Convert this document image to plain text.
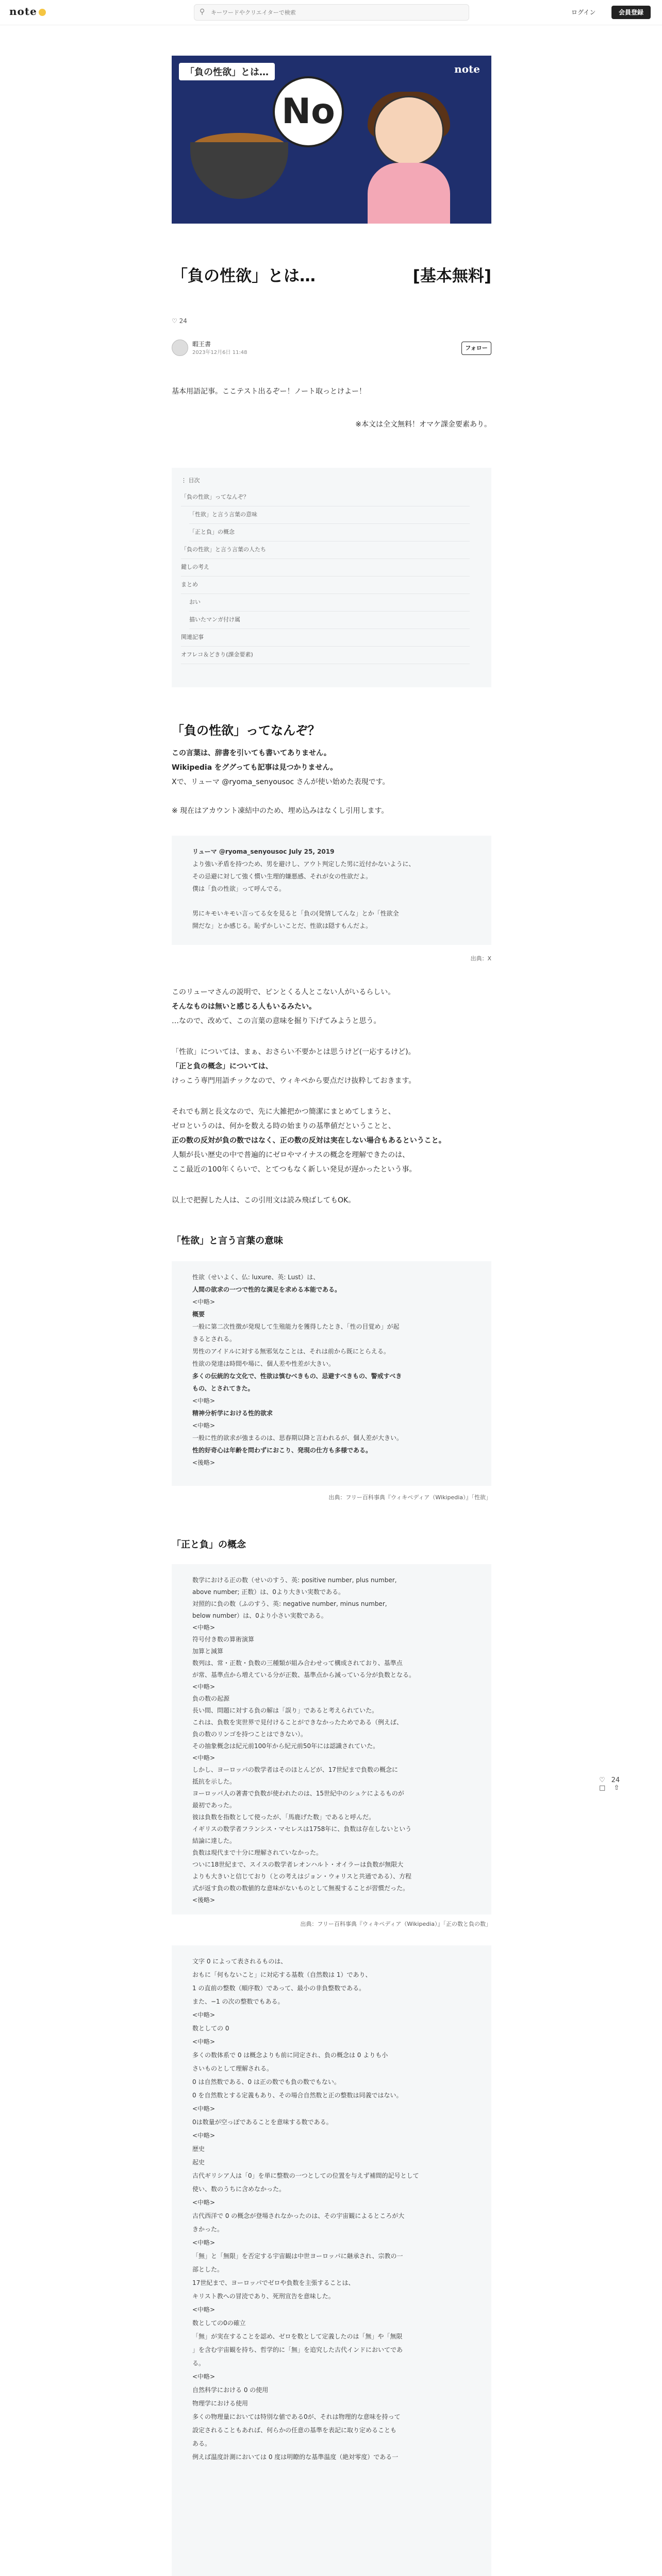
note	⚲
キーワードやクリエイターで検索	ログイン	会員登録
「負の性欲」とは…	note
No
「負の性欲」とは…	[基本無料]
♡ 24
暇王書
2023年12月6日 11:48
フォロー
基本用語記事。ここテスト出るぞー！ノート取っとけよー！
※本文は全文無料！オマケ課金要素あり。
⋮ 目次
「負の性欲」ってなんぞ？
「性欲」と言う言葉の意味
「正と負」の概念
「負の性欲」と言う言葉の人たち
鍵しの考え
まとめ
おい
描いたマンガ付け属
関連記事
オフレコ＆どきり(課金要素)
「負の性欲」ってなんぞ？
この言葉は、辞書を引いても書いてありません。
Wikipedia をググっても記事は見つかりません。
Xで、リューマ @ryoma_senyousoc さんが使い始めた表現です。
※ 現在はアカウント凍結中のため、埋め込みはなくし引用します。
リューマ @ryoma_senyousoc July 25, 2019
より強い矛盾を持つため、男を避けし、アウト判定した男に近付かないように、
その忌避に対して強く慣い生理的嫌悪感、それが女の性欲だよ。
僕は「負の性欲」って呼んでる。
男にキモいキモい言ってる女を見ると「負の(発情してんな」とか「性欲全
開だな」とか感じる。恥ずかしいことだ、性欲は隠すもんだよ。
出典：X
このリューマさんの説明で、ピンとくる人とこない人がいるらしい。
そんなものは無いと感じる人もいるみたい。
…なので、改めて、この言葉の意味を掘り下げてみようと思う。
「性欲」については、まぁ、おさらい不要かとは思うけど(一応するけど)。
「正と負の概念」については、
けっこう専門用語チックなので、ウィキペから要点だけ抜粋しておきます。
それでも割と長文なので、先に大雑把かつ簡潔にまとめてしまうと、
ゼロというのは、何かを数える時の始まりの基準値だということと、
正の数の反対が負の数ではなく、正の数の反対は実在しない場合もあるということ。
人類が長い歴史の中で普遍的にゼロやマイナスの概念を理解できたのは、
ここ最近の100年くらいで、とてつもなく新しい発見が遅かったという事。
以上で把握した人は、この引用文は読み飛ばしてもOK。
「性欲」と言う言葉の意味
性欲（せいよく、仏: luxure、英: Lust）は、
人間の欲求の一つで性的な満足を求める本能である。
<中略>
概要
一般に第二次性徴が発現して生殖能力を獲得したとき、「性の目覚め」が起
きるとされる。
男性のアイドルに対する無邪気なことは、それは前から既にとらえる。
性欲の発達は時間や場に、個人差や性差が大きい。
多くの伝統的な文化で、性欲は慎むべきもの、忌避すべきもの、警戒すべき
もの、とされてきた。
<中略>
精神分析学における性的欲求
<中略>
一般に性的欲求が強まるのは、思春期以降と言われるが、個人差が大きい。
性的好奇心は年齢を問わずにおこり、発現の仕方も多様である。
<後略>
出典：フリー百科事典『ウィキペディア（Wikipedia）』「性欲」
「正と負」の概念
数学における正の数（せいのすう、英: positive number, plus number,
above number; 正数）は、0より大きい実数である。
対照的に負の数（ふのすう、英: negative number, minus number,
below number）は、0より小さい実数である。
<中略>
符号付き数の算術演算
加算と減算
数列は、常・正数・負数の三種類が組み合わせって構成されており、基準点
が常、基準点から増えている分が正数、基準点から減っている分が負数となる。
<中略>
負の数の起源
長い間、問題に対する負の解は「誤り」であると考えられていた。
これは、負数を実世界で見付けることができなかったためである（例えば、
負の数のリンゴを持つことはできない）。
その抽象概念は紀元前100年から紀元前50年には認識されていた。
<中略>
しかし、ヨーロッパの数学者はそのほとんどが、17世紀まで負数の概念に
抵抗を示した。
ヨーロッパ人の著書で負数が使われたのは、15世紀中のシュケによるものが
最初であった。
彼は負数を指数として使ったが、「馬鹿げた数」であると呼んだ。
イギリスの数学者フランシス・マセレスは1758年に、負数は存在しないという
結論に達した。
負数は現代まで十分に理解されていなかった。
ついに18世紀まで、スイスの数学者レオンハルト・オイラーは負数が無限大
よりも大きいと信じており（との考えはジョン・ウォリスと共通である）、方程
式が返す負の数の数値的な意味がないものとして無視することが習慣だった。
<後略>
出典：フリー百科事典『ウィキペディア（Wikipedia）』「正の数と負の数」
文字 0 によって表されるものは、
おもに「何もないこと」に対応する基数（自然数は 1）であり、
1 の直前の整数（順序数）であって、最小の非負整数である。
また、−1 の次の整数でもある。
<中略>
数としての 0
<中略>
多くの数体系で 0 は概念よりも前に同定され、負の概念は 0 よりも小
さいものとして理解される。
0 は自然数である、0 は正の数でも負の数でもない。
0 を自然数とする定義もあり、その場合自然数と正の整数は同義ではない。
<中略>
0は数量が空っぽであることを意味する数である。
<中略>
歴史
起史
古代ギリシア人は「0」を単に整数の一つとしての位置を与えず補間的記号として
使い、数のうちに含めなかった。
<中略>
古代西洋で 0 の概念が登場されなかったのは、その宇宙観によるところが大
きかった。
<中略>
「無」と「無限」を否定する宇宙観は中世ヨーロッパに継承され、宗教の一
部とした。
17世紀まで、ヨーロッパでゼロや負数を主張することは、
キリスト教への冒涜であり、死刑宣告を意味した。
<中略>
数としての0の確立
「無」が実在することを認め、ゼロを数として定義したのは「無」や「無限
」を含む宇宙観を持ち、哲学的に「無」を追究した古代インドにおいてであ
る。
<中略>
自然科学における 0 の使用
物理学における使用
多くの物理量においては特別な値である0が、それは物理的な意味を持って
設定されることもあれば、何らかの任意の基準を表記に取り定めることも
ある。
例えば温度計測においては 0 度は明瞭的な基準温度（絶対零度）である一
♡ 24 □ ⇧
